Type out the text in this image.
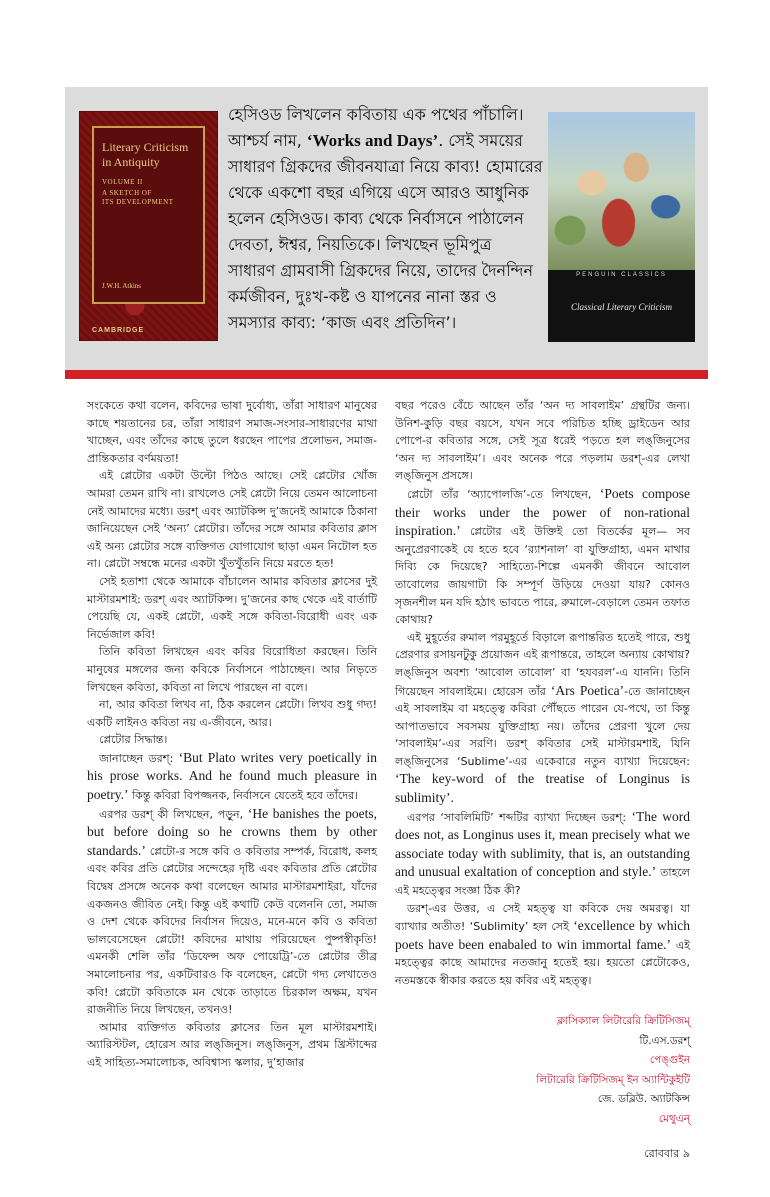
Literary Criticism
in Antiquity
VOLUME II
A SKETCH OF
ITS DEVELOPMENT
J.W.H. Atkins
CAMBRIDGE
PENGUIN CLASSICS
Classical Literary Criticism

হেসিওড লিখলেন কবিতায় এক পথের পাঁচালি। আশ্চর্য নাম, ‘Works and Days’. সেই সময়ের সাধারণ গ্রিকদের জীবনযাত্রা নিয়ে কাব্য! হোমারের থেকে একশো বছর এগিয়ে এসে আরও আধুনিক হলেন হেসিওড। কাব্য থেকে নির্বাসনে পাঠালেন দেবতা, ঈশ্বর, নিয়তিকে। লিখছেন ভূমিপুত্র সাধারণ গ্রামবাসী গ্রিকদের নিয়ে, তাদের দৈনন্দিন কর্মজীবন, দুঃখ-কষ্ট ও যাপনের নানা স্তর ও সমস্যার কাব্য: ‘কাজ এবং প্রতিদিন’।

সংকেতে কথা বলেন, কবিদের ভাষা দুর্বোধ্য, তাঁরা সাধারণ মানুষের কাছে শয়তানের চর, তাঁরা সাধারণ সমাজ-সংসার-সাধারণের মাথা খাচ্ছেন, এবং তাঁদের কাছে তুলে ধরছেন পাপের প্রলোভন, সমাজ-প্রান্তিকতার বর্ণময়তা!

এই প্লেটোর একটা উল্টো পিঠও আছে। সেই প্লেটোর খোঁজ আমরা তেমন রাখি না। রাখলেও সেই প্লেটো নিয়ে তেমন আলোচনা নেই আমাদের মধ্যে। ডরশ্‌ এবং অ্যাটকিন্স দু’জনেই আমাকে ঠিকানা জানিয়েছেন সেই ‘অন্য’ প্লেটোর। তাঁদের সঙ্গে আমার কবিতার ক্লাস এই অন্য প্লেটোর সঙ্গে ব্যক্তিগত যোগাযোগ ছাড়া এমন নিটোল হত না। প্লেটো সম্বন্ধে মনের একটা খুঁতখুঁতনি নিয়ে মরতে হত!

সেই হতাশা থেকে আমাকে বাঁচালেন আমার কবিতার ক্লাসের দুই মাস্টারমশাই: ডরশ্‌ এবং অ্যাটকিন্স। দু’জনের কাছ থেকে এই বার্তাটি পেয়েছি যে, একই প্লেটো, একই সঙ্গে কবিতা-বিরোধী এবং এক নির্ভেজাল কবি!

তিনি কবিতা লিখছেন এবং কবির বিরোধিতা করছেন। তিনি মানুষের মঙ্গলের জন্য কবিকে নির্বাসনে পাঠাচ্ছেন। আর নিভৃতে লিখছেন কবিতা, কবিতা না লিখে পারছেন না বলে।

না, আর কবিতা লিখব না, ঠিক করলেন প্লেটো। লিখব শুধু গদ্য! একটি লাইনও কবিতা নয় এ-জীবনে, আর।

প্লেটোর সিদ্ধান্ত।

জানাচ্ছেন ডরশ্‌: ‘But Plato writes very poetically in his prose works. And he found much pleasure in poetry.’ কিন্তু কবিরা বিপজ্জনক, নির্বাসনে যেতেই হবে তাঁদের।

এরপর ডরশ্‌ কী লিখছেন, পড়ুন, ‘He banishes the poets, but before doing so he crowns them by other standards.’ প্লেটো-র সঙ্গে কবি ও কবিতার সম্পর্ক, বিরোধ, কলহ এবং কবির প্রতি প্লেটোর সন্দেহের দৃষ্টি এবং কবিতার প্রতি প্লেটোর বিদ্বেষ প্রসঙ্গে অনেক কথা বলেছেন আমার মাস্টারমশাইরা, যাঁদের একজনও জীবিত নেই। কিন্তু এই কথাটি কেউ বলেননি তো, সমাজ ও দেশ থেকে কবিদের নির্বাসন দিয়েও, মনে-মনে কবি ও কবিতা ভালবেসেছেন প্লেটো! কবিদের মাথায় পরিয়েছেন পুষ্পস্বীকৃতি! এমনকী শেলি তাঁর ‘ডিফেন্স অফ পোয়েট্রি’-তে প্লেটোর তীব্র সমালোচনার পর, একটিবারও কি বলেছেন, প্লেটো গদ্য লেখাতেও কবি! প্লেটো কবিতাকে মন থেকে তাড়াতে চিরকাল অক্ষম, যখন রাজনীতি নিয়ে লিখছেন, তখনও!

আমার ব্যক্তিগত কবিতার ক্লাসের তিন মূল মাস্টারমশাই। অ্যারিস্টটল, হোরেস আর লঙ্‌জিনুস। লঙ্‌জিনুস, প্রথম খ্রিস্টাব্দের এই সাহিত্য-সমালোচক, অবিশ্বাস্য স্কলার, দু’হাজার

বছর পরেও বেঁচে আছেন তাঁর ‘অন দ্য সাবলাইম’ গ্রন্থটির জন্য। উনিশ-কুড়ি বছর বয়সে, যখন সবে পরিচিত হচ্ছি ড্রাইডেন আর পোপে-র কবিতার সঙ্গে, সেই সূত্র ধরেই পড়তে হল লঙ্‌জিনুসের ‘অন দ্য সাবলাইম’। এবং অনেক পরে পড়লাম ডরশ্‌-এর লেখা লঙ্‌জিনুস প্রসঙ্গে।

প্লেটো তাঁর ‘অ্যাপোলজি’-তে লিখছেন, ‘Poets compose their works under the power of non-rational inspiration.’ প্লেটোর এই উক্তিই তো বিতর্কের মূল— সব অনুপ্রেরণাকেই যে হতে হবে ‘র‍্যাশনাল’ বা যুক্তিগ্রাহ্য, এমন মাথার দিব্যি কে দিয়েছে? সাহিত্যে-শিল্পে এমনকী জীবনে আবোল তাবোলের জায়গাটা কি সম্পূর্ণ উড়িয়ে দেওয়া যায়? কোনও সৃজনশীল মন যদি হঠাৎ ভাবতে পারে, রুমালে-বেড়ালে তেমন তফাত কোথায়?

এই মুহূর্তের রুমাল পরমুহূর্তে বিড়ালে রূপান্তরিত হতেই পারে, শুধু প্রেরণার রসায়নটুকু প্রয়োজন এই রূপান্তরে, তাহলে অন্যায় কোথায়? লঙ্‌জিনুস অবশ্য ‘আবোল তাবোল’ বা ‘হযবরল’-এ যাননি। তিনি গিয়েছেন সাবলাইমে। হোরেস তাঁর ‘Ars Poetica’-তে জানাচ্ছেন এই সাবলাইম বা মহত্ত্বে কবিরা পৌঁছতে পারেন যে-পথে, তা কিন্তু আপাতভাবে সবসময় যুক্তিগ্রাহ্য নয়। তাঁদের প্রেরণা খুলে দেয় ‘সাবলাইম’-এর সরণি। ডরশ্‌ কবিতার সেই মাস্টারমশাই, যিনি লঙ্‌জিনুসের ‘Sublime’-এর একেবারে নতুন ব্যাখ্যা দিয়েছেন: ‘The key-word of the treatise of Longinus is sublimity’.

এরপর ‘সাবলিমিটি’ শব্দটির ব্যাখ্যা দিচ্ছেন ডরশ্‌: ‘The word does not, as Longinus uses it, mean precisely what we associate today with sublimity, that is, an outstanding and unusual exaltation of conception and style.’ তাহলে এই মহত্ত্বের সংজ্ঞা ঠিক কী?

ডরশ্‌-এর উত্তর, এ সেই মহত্ত্ব যা কবিকে দেয় অমরত্ব। যা ব্যাখ্যার অতীত! ‘Sublimity’ হল সেই ‘excellence by which poets have been enabaled to win immortal fame.’ এই মহত্ত্বের কাছে আমাদের নতজানু হতেই হয়। হয়তো প্লেটোকেও, নতমস্তকে স্বীকার করতে হয় কবির এই মহত্ত্ব।

ক্লাসিক্যাল লিটারেরি ক্রিটিসিজম্‌
টি.এস.ডরশ্‌
পেঙ্গুইন
লিটারেরি ক্রিটিসিজম্‌ ইন অ্যান্টিকুইটি
জে. ডব্লিউ. অ্যাটকিন্স
মেথুএন্‌
রোববার ৯
